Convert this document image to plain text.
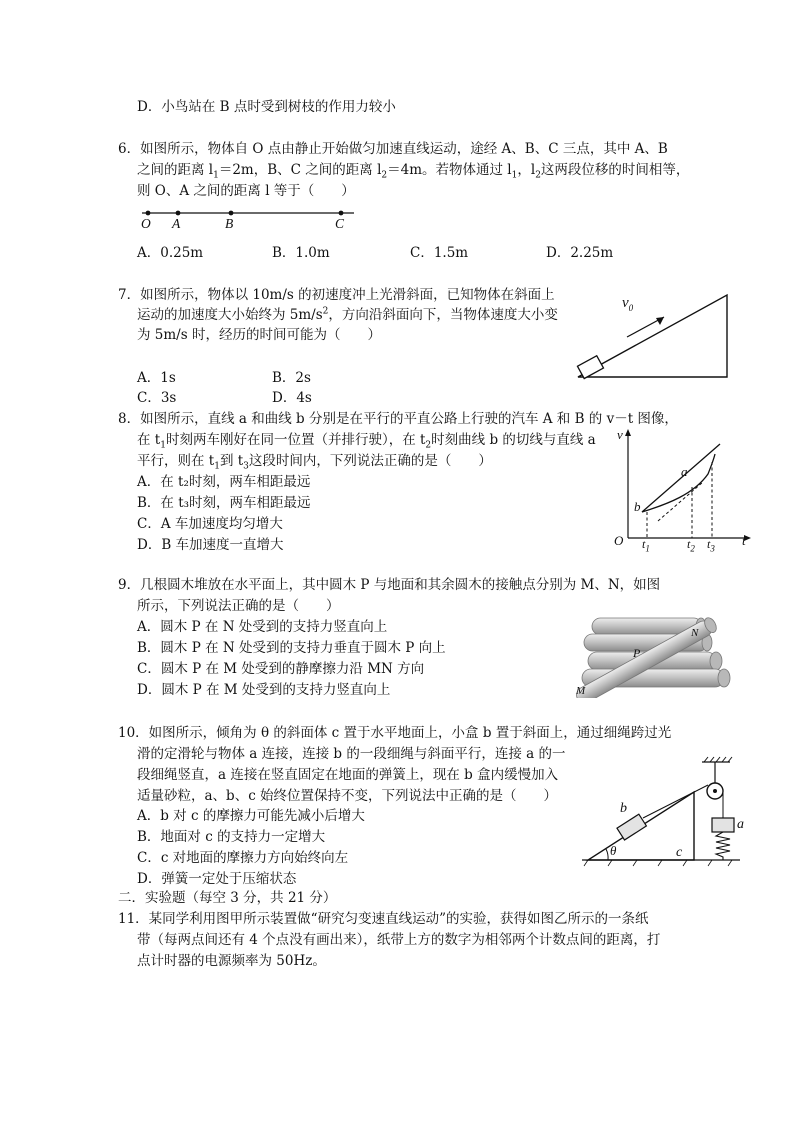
D．小鸟站在 B 点时受到树枝的作用力较小
6．如图所示，物体自 O 点由静止开始做匀加速直线运动，途经 A、B、C 三点，其中 A、B
之间的距离 $l_1=2m$，B、C 之间的距离 $l_2=4m$。若物体通过 $l_1$，$l_2$这两段位移的时间相等，
则 O、A 之间的距离 l 等于（　　）
O A	B	C
A．0.25m	B．1.0m	C．1.5m	D．2.25m
7．如图所示，物体以 10m/s 的初速度冲上光滑斜面，已知物体在斜面上
运动的加速度大小始终为 $5m/s^2$，方向沿斜面向下，当物体速度大小变
为 5m/s 时，经历的时间可能为（　　）
$v_0$
A．1s	B．2s
C．3s	D．4s
8．如图所示，直线 a 和曲线 b 分别是在平行的平直公路上行驶的汽车 A 和 B 的 v－t 图像，
在 $t_1$时刻两车刚好在同一位置（并排行驶），在 $t_2$时刻曲线 b 的切线与直线 a
平行，则在 $t_1$到 $t_3$这段时间内，下列说法正确的是（　　）
A．在 t₂时刻，两车相距最远
B．在 t₃时刻，两车相距最远
C．A 车加速度均匀增大
D．B 车加速度一直增大
v
t
O
a
b
$t_1$	$t_2$ $t_3$
9．几根圆木堆放在水平面上，其中圆木 P 与地面和其余圆木的接触点分别为 M、N，如图
所示，下列说法正确的是（　　）
A．圆木 P 在 N 处受到的支持力竖直向上
B．圆木 P 在 N 处受到的支持力垂直于圆木 P 向上
C．圆木 P 在 M 处受到的静摩擦力沿 MN 方向
D．圆木 P 在 M 处受到的支持力竖直向上
N
P
M
10．如图所示，倾角为 θ 的斜面体 c 置于水平地面上，小盒 b 置于斜面上，通过细绳跨过光
滑的定滑轮与物体 a 连接，连接 b 的一段细绳与斜面平行，连接 a 的一
段细绳竖直，a 连接在竖直固定在地面的弹簧上，现在 b 盒内缓慢加入
适量砂粒，a、b、c 始终位置保持不变，下列说法中正确的是（　　）
A．b 对 c 的摩擦力可能先减小后增大
B．地面对 c 的支持力一定增大
C．c 对地面的摩擦力方向始终向左
D．弹簧一定处于压缩状态
b
a
c
θ
二．实验题（每空 3 分，共 21 分）
11．某同学利用图甲所示装置做“研究匀变速直线运动”的实验，获得如图乙所示的一条纸
带（每两点间还有 4 个点没有画出来），纸带上方的数字为相邻两个计数点间的距离，打
点计时器的电源频率为 50Hz。
